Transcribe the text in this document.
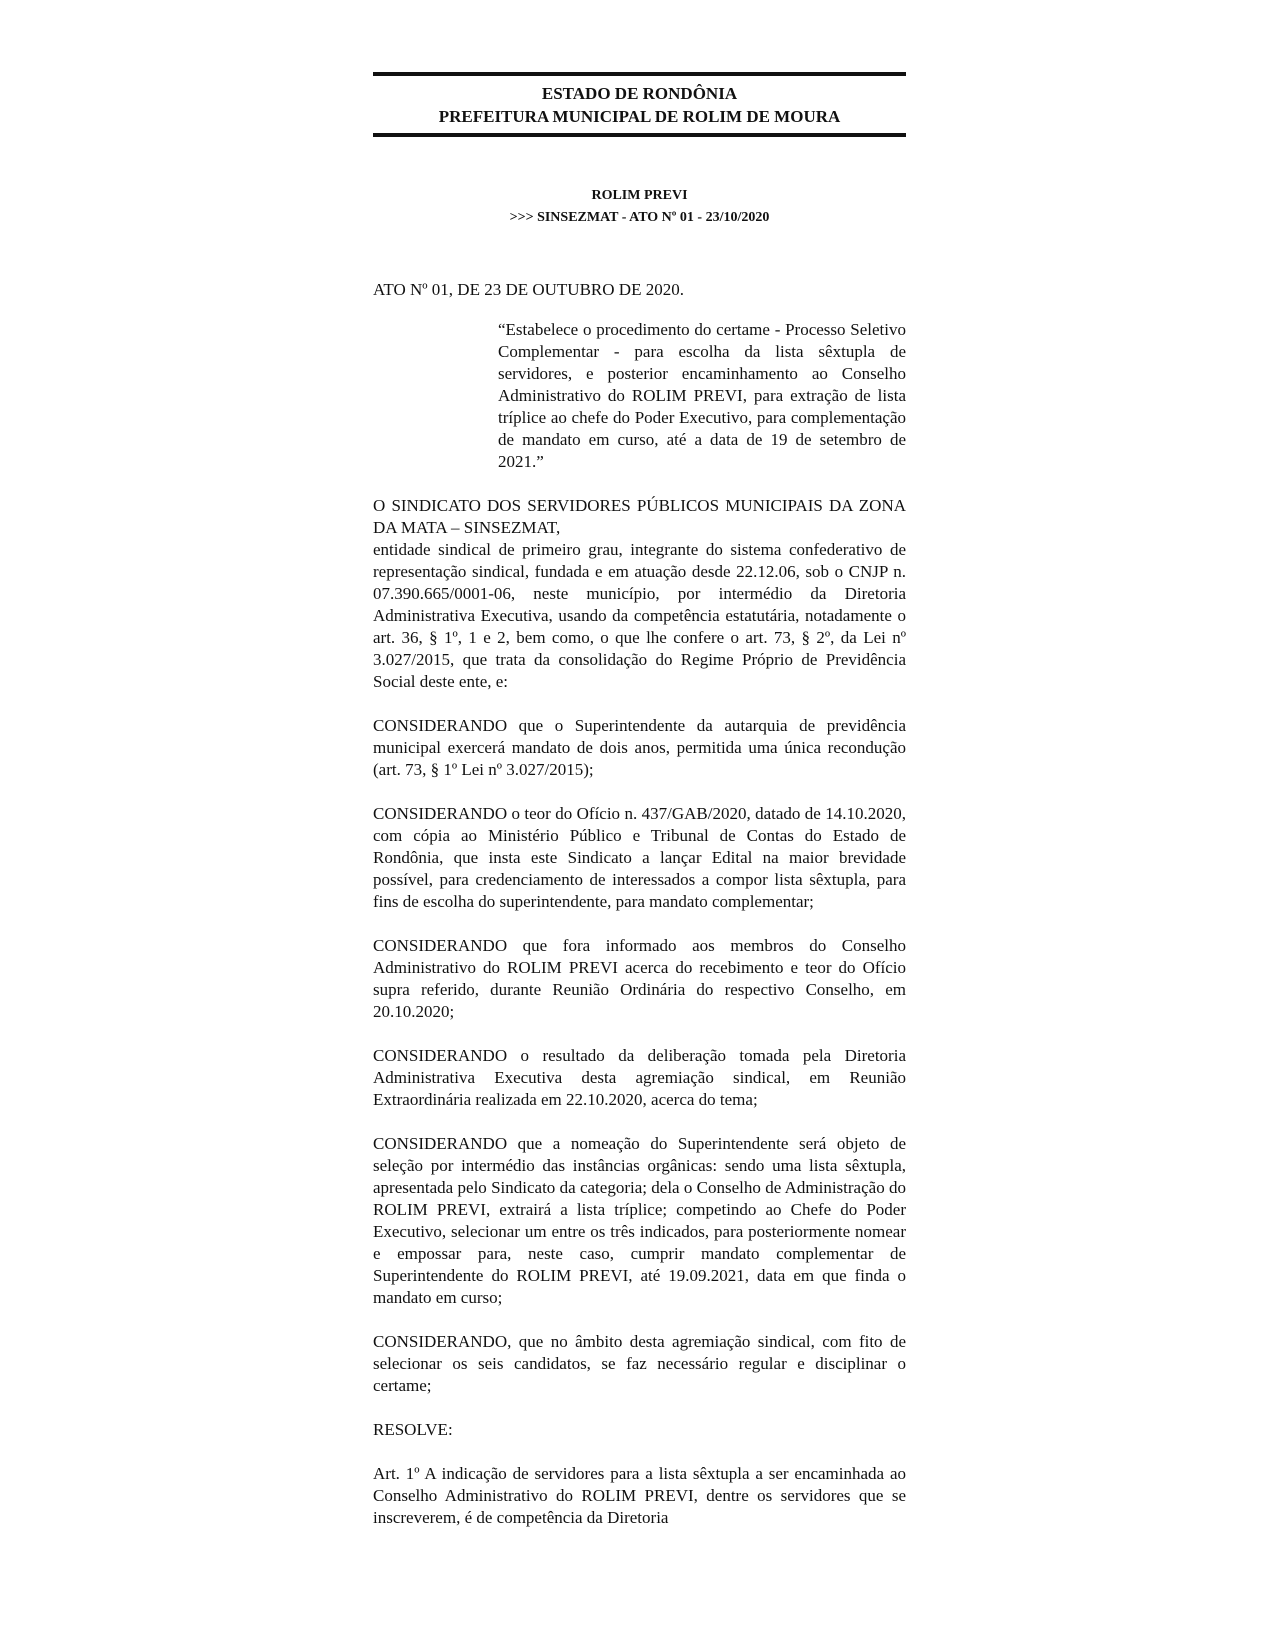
ESTADO DE RONDÔNIA
PREFEITURA MUNICIPAL DE ROLIM DE MOURA
ROLIM PREVI
>>> SINSEZMAT - ATO Nº 01 - 23/10/2020
ATO Nº 01, DE 23 DE OUTUBRO DE 2020.
“Estabelece o procedimento do certame - Processo Seletivo Complementar - para escolha da lista sêxtupla de servidores, e posterior encaminhamento ao Conselho Administrativo do ROLIM PREVI, para extração de lista tríplice ao chefe do Poder Executivo, para complementação de mandato em curso, até a data de 19 de setembro de 2021.”
O SINDICATO DOS SERVIDORES PÚBLICOS MUNICIPAIS DA ZONA DA MATA – SINSEZMAT,
entidade sindical de primeiro grau, integrante do sistema confederativo de representação sindical, fundada e em atuação desde 22.12.06, sob o CNJP n. 07.390.665/0001-06, neste município, por intermédio da Diretoria Administrativa Executiva, usando da competência estatutária, notadamente o art. 36, § 1º, 1 e 2, bem como, o que lhe confere o art. 73, § 2º, da Lei nº 3.027/2015, que trata da consolidação do Regime Próprio de Previdência Social deste ente, e:
CONSIDERANDO que o Superintendente da autarquia de previdência municipal exercerá mandato de dois anos, permitida uma única recondução (art. 73, § 1º Lei nº 3.027/2015);
CONSIDERANDO o teor do Ofício n. 437/GAB/2020, datado de 14.10.2020, com cópia ao Ministério Público e Tribunal de Contas do Estado de Rondônia, que insta este Sindicato a lançar Edital na maior brevidade possível, para credenciamento de interessados a compor lista sêxtupla, para fins de escolha do superintendente, para mandato complementar;
CONSIDERANDO que fora informado aos membros do Conselho Administrativo do ROLIM PREVI acerca do recebimento e teor do Ofício supra referido, durante Reunião Ordinária do respectivo Conselho, em 20.10.2020;
CONSIDERANDO o resultado da deliberação tomada pela Diretoria Administrativa Executiva desta agremiação sindical, em Reunião Extraordinária realizada em 22.10.2020, acerca do tema;
CONSIDERANDO que a nomeação do Superintendente será objeto de seleção por intermédio das instâncias orgânicas: sendo uma lista sêxtupla, apresentada pelo Sindicato da categoria; dela o Conselho de Administração do ROLIM PREVI, extrairá a lista tríplice; competindo ao Chefe do Poder Executivo, selecionar um entre os três indicados, para posteriormente nomear e empossar para, neste caso, cumprir mandato complementar de Superintendente do ROLIM PREVI, até 19.09.2021, data em que finda o mandato em curso;
CONSIDERANDO, que no âmbito desta agremiação sindical, com fito de selecionar os seis candidatos, se faz necessário regular e disciplinar o certame;
RESOLVE:
Art. 1º A indicação de servidores para a lista sêxtupla a ser encaminhada ao Conselho Administrativo do ROLIM PREVI, dentre os servidores que se inscreverem, é de competência da Diretoria
